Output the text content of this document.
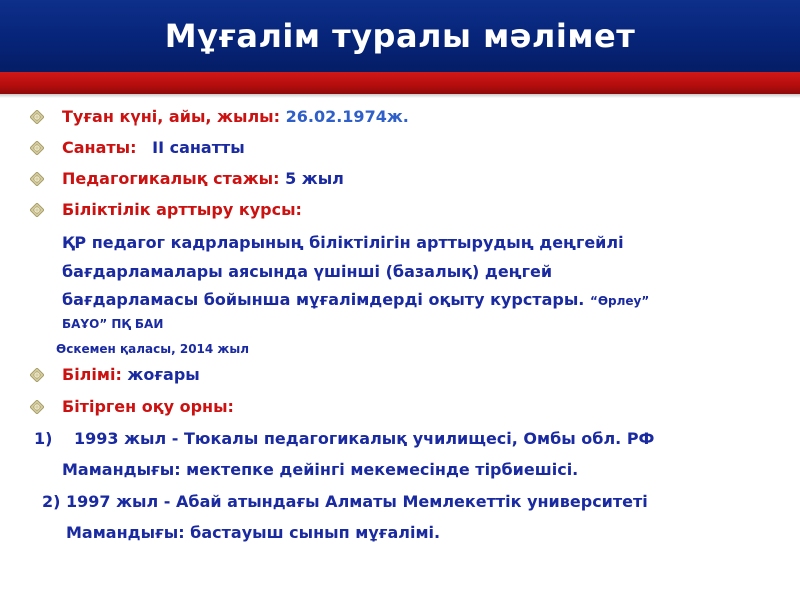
Мұғалім туралы мәлімет
Туған күні, айы, жылы: 26.02.1974ж.
Санаты: II санатты
Педагогикалық стажы: 5 жыл
Біліктілік арттыру курсы:
ҚР педагог кадрларының біліктілігін арттырудың деңгейлі
бағдарламалары аясында үшінші (базалық) деңгей
бағдарламасы бойынша мұғалімдерді оқыту курстары. “Өрлеу”
БАҰО” ПҚ БАИ
Өскемен қаласы, 2014 жыл
Білімі: жоғары
Бітірген оқу орны:
1) 1993 жыл - Тюкалы педагогикалық училищесі, Омбы обл. РФ
Мамандығы: мектепке дейінгі мекемесінде тірбиешісі.
2) 1997 жыл - Абай атындағы Алматы Мемлекеттік университеті
Мамандығы: бастауыш сынып мұғалімі.
